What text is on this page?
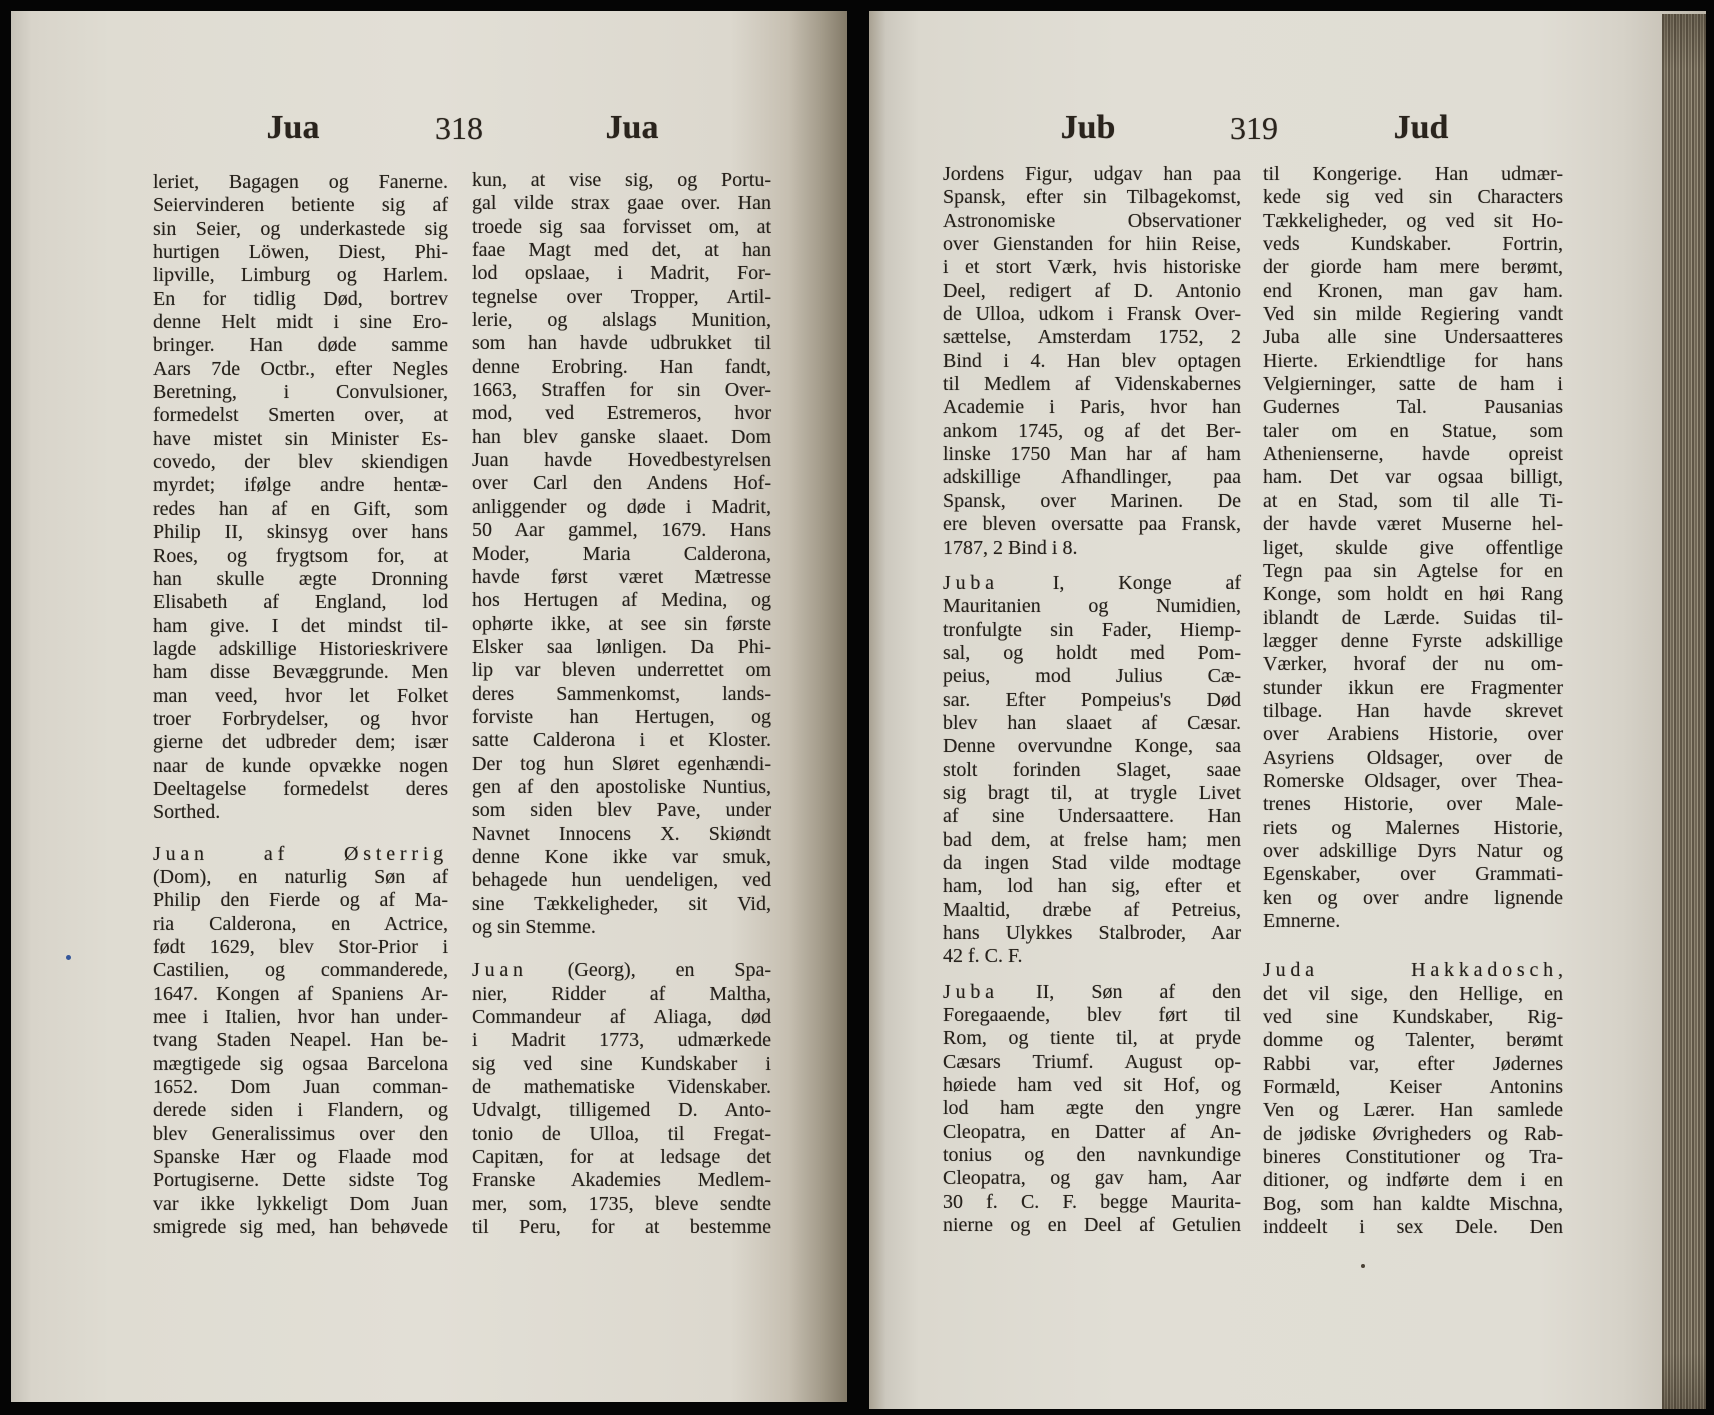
Jua	318	Jua	Jub	319	Jud
leriet, Bagagen og Fanerne.
Seiervinderen betiente sig af
sin Seier, og underkastede sig
hurtigen Löwen, Diest, Phi-
lipville, Limburg og Harlem.
En for tidlig Død, bortrev
denne Helt midt i sine Ero-
bringer. Han døde samme
Aars 7de Octbr., efter Negles
Beretning, i Convulsioner,
formedelst Smerten over, at
have mistet sin Minister Es-
covedo, der blev skiendigen
myrdet; ifølge andre hentæ-
redes han af en Gift, som
Philip II, skinsyg over hans
Roes, og frygtsom for, at
han skulle ægte Dronning
Elisabeth af England, lod
ham give. I det mindst til-
lagde adskillige Historieskrivere
ham disse Bevæggrunde. Men
man veed, hvor let Folket
troer Forbrydelser, og hvor
gierne det udbreder dem; især
naar de kunde opvække nogen
Deeltagelse formedelst deres
Sorthed.
Juan af Østerrig
(Dom), en naturlig Søn af
Philip den Fierde og af Ma-
ria Calderona, en Actrice,
født 1629, blev Stor-Prior i
Castilien, og commanderede,
1647. Kongen af Spaniens Ar-
mee i Italien, hvor han under-
tvang Staden Neapel. Han be-
mægtigede sig ogsaa Barcelona
1652. Dom Juan comman-
derede siden i Flandern, og
blev Generalissimus over den
Spanske Hær og Flaade mod
Portugiserne. Dette sidste Tog
var ikke lykkeligt Dom Juan
smigrede sig med, han behøvede
kun, at vise sig, og Portu-
gal vilde strax gaae over. Han
troede sig saa forvisset om, at
faae Magt med det, at han
lod opslaae, i Madrit, For-
tegnelse over Tropper, Artil-
lerie, og alslags Munition,
som han havde udbrukket til
denne Erobring. Han fandt,
1663, Straffen for sin Over-
mod, ved Estremeros, hvor
han blev ganske slaaet. Dom
Juan havde Hovedbestyrelsen
over Carl den Andens Hof-
anliggender og døde i Madrit,
50 Aar gammel, 1679. Hans
Moder, Maria Calderona,
havde først været Mætresse
hos Hertugen af Medina, og
ophørte ikke, at see sin første
Elsker saa lønligen. Da Phi-
lip var bleven underrettet om
deres Sammenkomst, lands-
forviste han Hertugen, og
satte Calderona i et Kloster.
Der tog hun Sløret egenhændi-
gen af den apostoliske Nuntius,
som siden blev Pave, under
Navnet Innocens X. Skiøndt
denne Kone ikke var smuk,
behagede hun uendeligen, ved
sine Tækkeligheder, sit Vid,
og sin Stemme.
Juan (Georg), en Spa-
nier, Ridder af Maltha,
Commandeur af Aliaga, død
i Madrit 1773, udmærkede
sig ved sine Kundskaber i
de mathematiske Videnskaber.
Udvalgt, tilligemed D. Anto-
tonio de Ulloa, til Fregat-
Capitæn, for at ledsage det
Franske Akademies Medlem-
mer, som, 1735, bleve sendte
til Peru, for at bestemme
Jordens Figur, udgav han paa
Spansk, efter sin Tilbagekomst,
Astronomiske Observationer
over Gienstanden for hiin Reise,
i et stort Værk, hvis historiske
Deel, redigert af D. Antonio
de Ulloa, udkom i Fransk Over-
sættelse, Amsterdam 1752, 2
Bind i 4. Han blev optagen
til Medlem af Videnskabernes
Academie i Paris, hvor han
ankom 1745, og af det Ber-
linske 1750 Man har af ham
adskillige Afhandlinger, paa
Spansk, over Marinen. De
ere bleven oversatte paa Fransk,
1787, 2 Bind i 8.
Juba I, Konge af
Mauritanien og Numidien,
tronfulgte sin Fader, Hiemp-
sal, og holdt med Pom-
peius, mod Julius Cæ-
sar. Efter Pompeius's Død
blev han slaaet af Cæsar.
Denne overvundne Konge, saa
stolt forinden Slaget, saae
sig bragt til, at trygle Livet
af sine Undersaattere. Han
bad dem, at frelse ham; men
da ingen Stad vilde modtage
ham, lod han sig, efter et
Maaltid, dræbe af Petreius,
hans Ulykkes Stalbroder, Aar
42 f. C. F.
Juba II, Søn af den
Foregaaende, blev ført til
Rom, og tiente til, at pryde
Cæsars Triumf. August op-
høiede ham ved sit Hof, og
lod ham ægte den yngre
Cleopatra, en Datter af An-
tonius og den navnkundige
Cleopatra, og gav ham, Aar
30 f. C. F. begge Maurita-
nierne og en Deel af Getulien
til Kongerige. Han udmær-
kede sig ved sin Characters
Tækkeligheder, og ved sit Ho-
veds Kundskaber. Fortrin,
der giorde ham mere berømt,
end Kronen, man gav ham.
Ved sin milde Regiering vandt
Juba alle sine Undersaatteres
Hierte. Erkiendtlige for hans
Velgierninger, satte de ham i
Gudernes Tal. Pausanias
taler om en Statue, som
Athenienserne, havde opreist
ham. Det var ogsaa billigt,
at en Stad, som til alle Ti-
der havde været Muserne hel-
liget, skulde give offentlige
Tegn paa sin Agtelse for en
Konge, som holdt en høi Rang
iblandt de Lærde. Suidas til-
lægger denne Fyrste adskillige
Værker, hvoraf der nu om-
stunder ikkun ere Fragmenter
tilbage. Han havde skrevet
over Arabiens Historie, over
Asyriens Oldsager, over de
Romerske Oldsager, over Thea-
trenes Historie, over Male-
riets og Malernes Historie,
over adskillige Dyrs Natur og
Egenskaber, over Grammati-
ken og over andre lignende
Emnerne.
Juda Hakkadosch,
det vil sige, den Hellige, en
ved sine Kundskaber, Rig-
domme og Talenter, berømt
Rabbi var, efter Jødernes
Formæld, Keiser Antonins
Ven og Lærer. Han samlede
de jødiske Øvrigheders og Rab-
bineres Constitutioner og Tra-
ditioner, og indførte dem i en
Bog, som han kaldte Mischna,
inddeelt i sex Dele. Den
